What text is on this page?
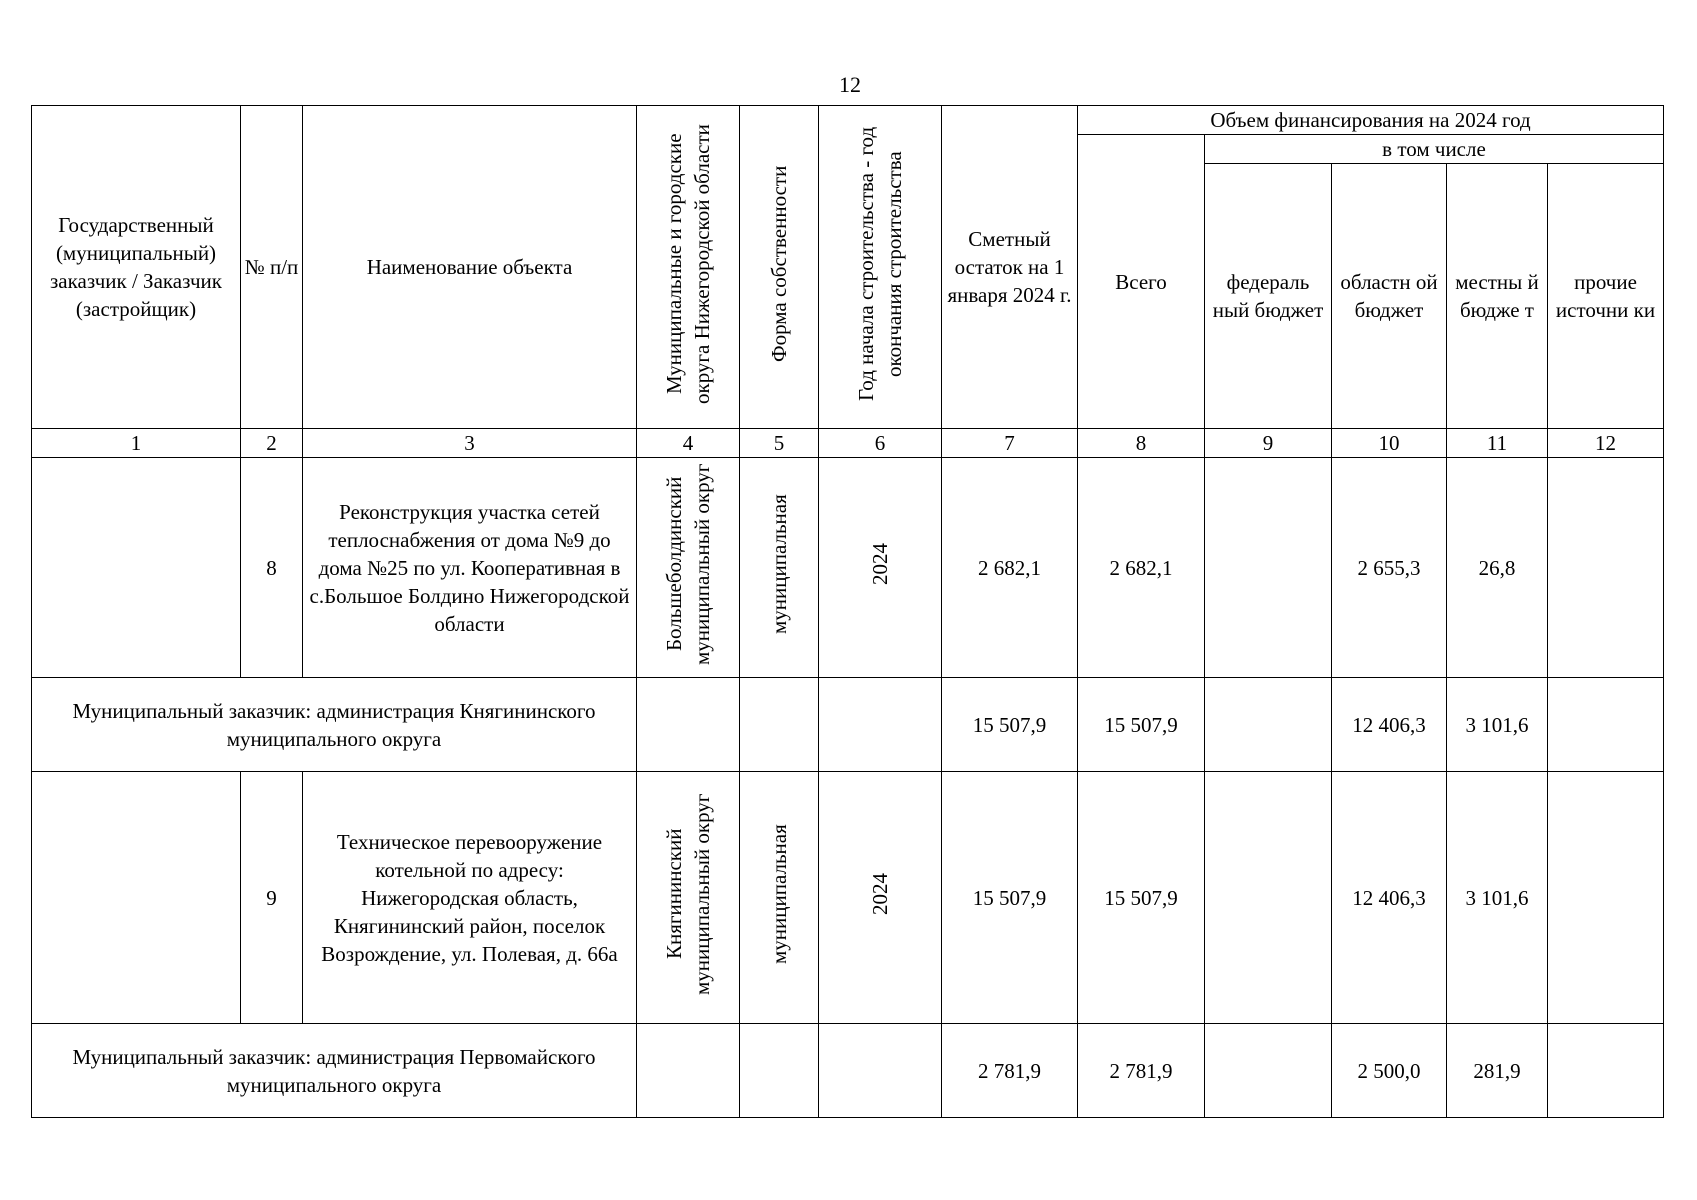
12
Государственный (муниципальный) заказчик / Заказчик (застройщик)	№ п/п	Наименование объекта	Муниципальные и городские округа Нижегородской области	Форма собственности	Год начала строительства - год окончания строительства	Сметный остаток на 1 января 2024 г.	Объем финансирования на 2024 год				
							Всего	в том числе			
								федераль ный бюджет	областн ой бюджет	местны й бюдже т	прочие источни ки
1	2	3	4	5	6	7	8	9	10	11	12
	8	Реконструкция участка сетей теплоснабжения от дома №9 до дома №25 по ул. Кооперативная в с.Большое Болдино Нижегородской области	Большеболдинский муниципальный округ	муниципальная	2024	2 682,1	2 682,1		2 655,3	26,8	
Муниципальный заказчик: администрация Княгининского муниципального округа						15 507,9	15 507,9		12 406,3	3 101,6	
	9	Техническое перевооружение котельной по адресу: Нижегородская область, Княгининский район, поселок Возрождение, ул. Полевая, д. 66а	Княгининский муниципальный округ	муниципальная	2024	15 507,9	15 507,9		12 406,3	3 101,6	
Муниципальный заказчик: администрация Первомайского муниципального округа						2 781,9	2 781,9		2 500,0	281,9	
